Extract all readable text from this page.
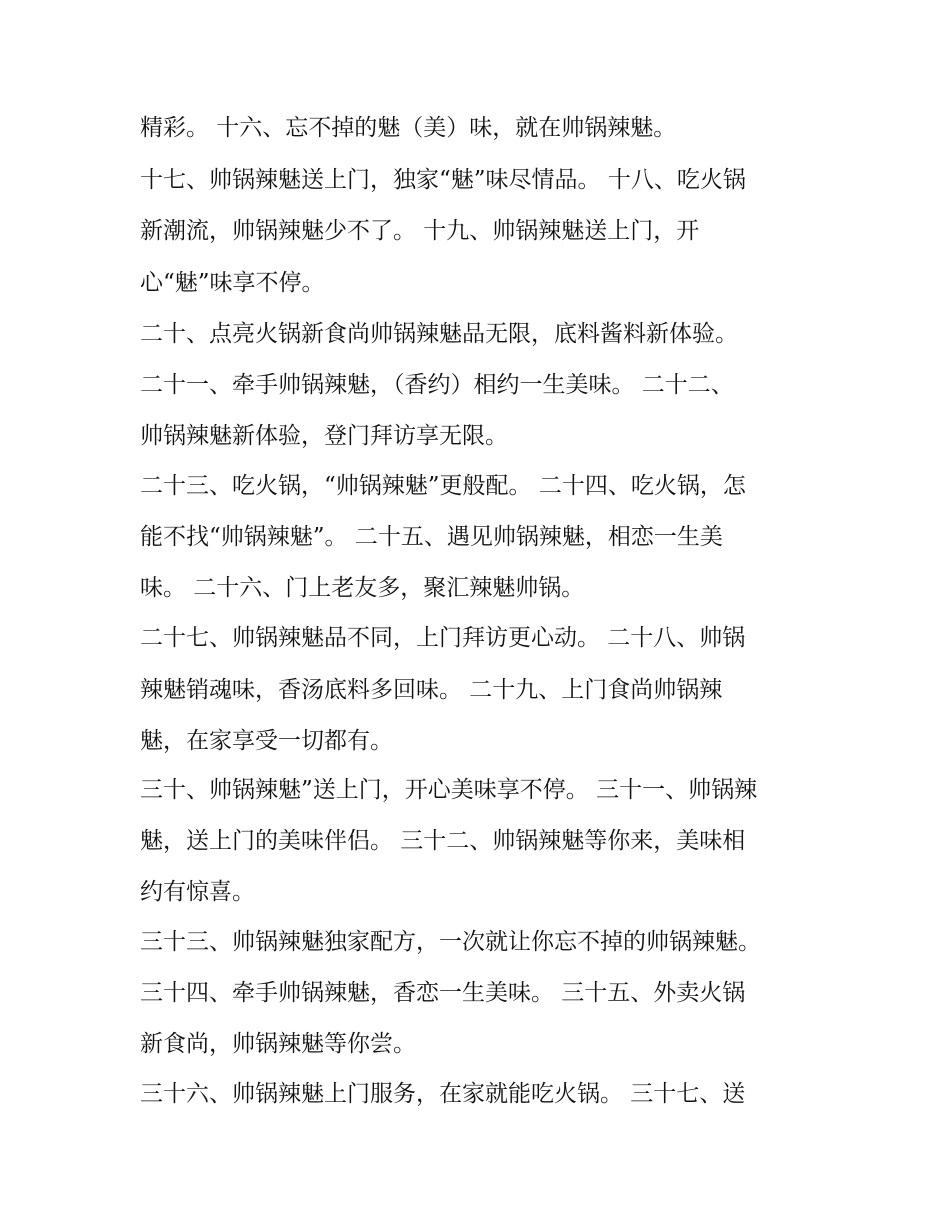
精彩。 十六、忘不掉的魅（美）味，就在帅锅辣魅。

十七、帅锅辣魅送上门，独家“魅”味尽情品。 十八、吃火锅

新潮流，帅锅辣魅少不了。 十九、帅锅辣魅送上门，开

心“魅”味享不停。

二十、点亮火锅新食尚帅锅辣魅品无限，底料酱料新体验。

二十一、牵手帅锅辣魅，（香约）相约一生美味。 二十二、

帅锅辣魅新体验，登门拜访享无限。

二十三、吃火锅，“帅锅辣魅”更般配。 二十四、吃火锅，怎

能不找“帅锅辣魅”。 二十五、遇见帅锅辣魅，相恋一生美

味。 二十六、门上老友多，聚汇辣魅帅锅。

二十七、帅锅辣魅品不同，上门拜访更心动。 二十八、帅锅

辣魅销魂味，香汤底料多回味。 二十九、上门食尚帅锅辣

魅，在家享受一切都有。

三十、帅锅辣魅”送上门，开心美味享不停。 三十一、帅锅辣

魅，送上门的美味伴侣。 三十二、帅锅辣魅等你来，美味相

约有惊喜。

三十三、帅锅辣魅独家配方，一次就让你忘不掉的帅锅辣魅。

三十四、牵手帅锅辣魅，香恋一生美味。 三十五、外卖火锅

新食尚，帅锅辣魅等你尝。

三十六、帅锅辣魅上门服务，在家就能吃火锅。 三十七、送
